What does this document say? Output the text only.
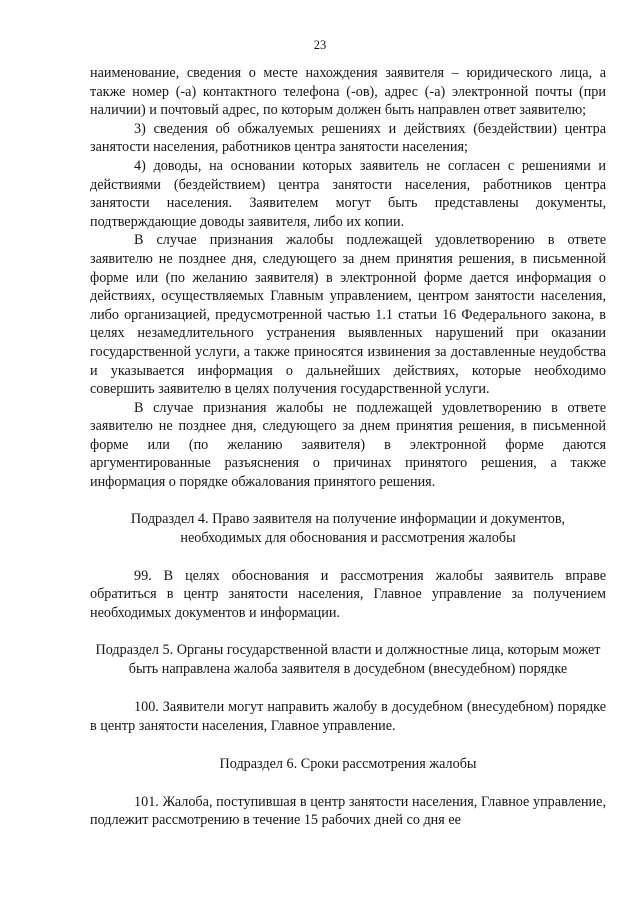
23

наименование, сведения о месте нахождения заявителя – юридического лица, а также номер (-а) контактного телефона (-ов), адрес (-а) электронной почты (при наличии) и почтовый адрес, по которым должен быть направлен ответ заявителю;

3) сведения об обжалуемых решениях и действиях (бездействии) центра занятости населения, работников центра занятости населения;

4) доводы, на основании которых заявитель не согласен с решениями и действиями (бездействием) центра занятости населения, работников центра занятости населения. Заявителем могут быть представлены документы, подтверждающие доводы заявителя, либо их копии.

В случае признания жалобы подлежащей удовлетворению в ответе заявителю не позднее дня, следующего за днем принятия решения, в письменной форме или (по желанию заявителя) в электронной форме дается информация о действиях, осуществляемых Главным управлением, центром занятости населения, либо организацией, предусмотренной частью 1.1 статьи 16 Федерального закона, в целях незамедлительного устранения выявленных нарушений при оказании государственной услуги, а также приносятся извинения за доставленные неудобства и указывается информация о дальнейших действиях, которые необходимо совершить заявителю в целях получения государственной услуги.

В случае признания жалобы не подлежащей удовлетворению в ответе заявителю не позднее дня, следующего за днем принятия решения, в письменной форме или (по желанию заявителя) в электронной форме даются аргументированные разъяснения о причинах принятого решения, а также информация о порядке обжалования принятого решения.

Подраздел 4. Право заявителя на получение информации и документов, необходимых для обоснования и рассмотрения жалобы

99. В целях обоснования и рассмотрения жалобы заявитель вправе обратиться в центр занятости населения, Главное управление за получением необходимых документов и информации.

Подраздел 5. Органы государственной власти и должностные лица, которым может быть направлена жалоба заявителя в досудебном (внесудебном) порядке

100. Заявители могут направить жалобу в досудебном (внесудебном) порядке в центр занятости населения, Главное управление.

Подраздел 6. Сроки рассмотрения жалобы

101. Жалоба, поступившая в центр занятости населения, Главное управление, подлежит рассмотрению в течение 15 рабочих дней со дня ее
